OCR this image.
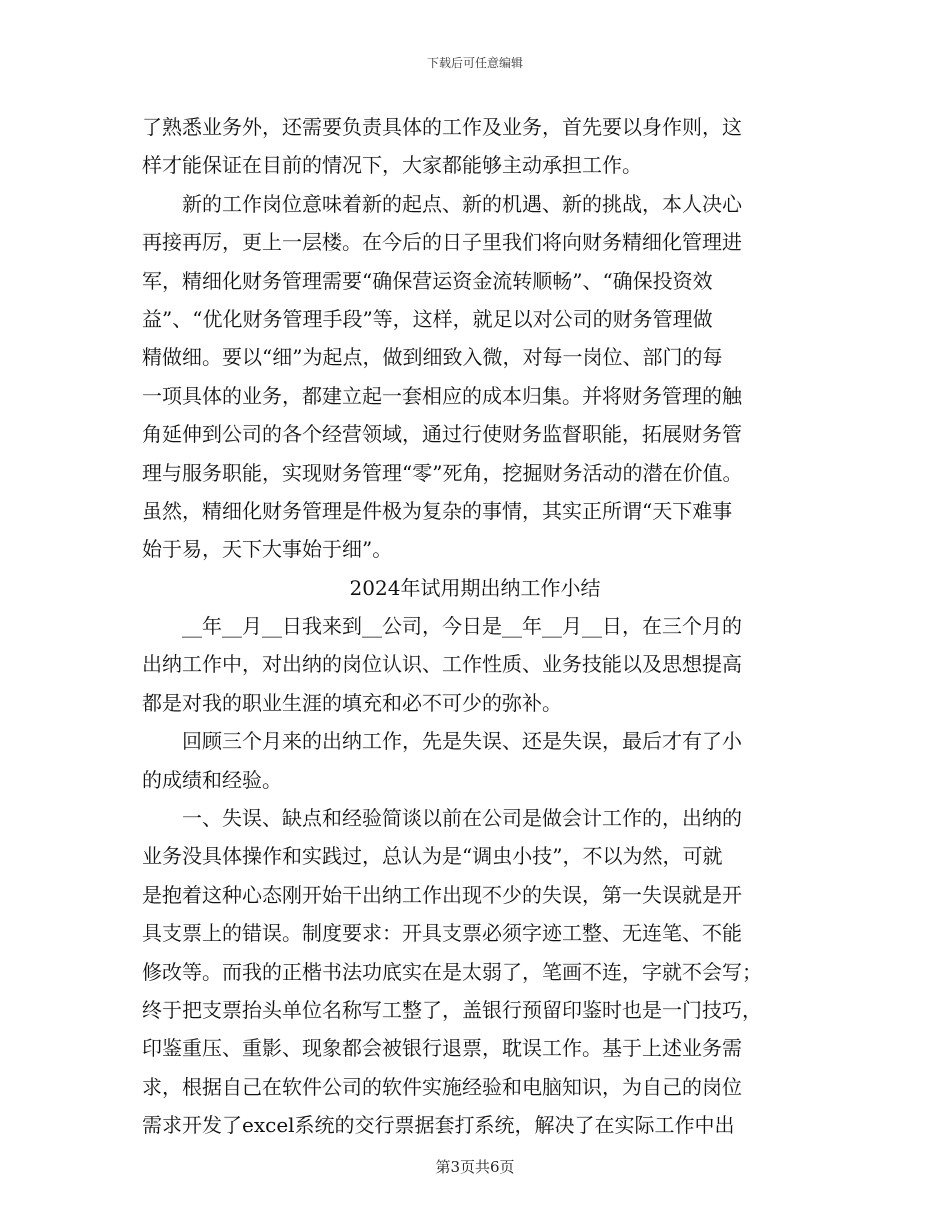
下载后可任意编辑
了熟悉业务外，还需要负责具体的工作及业务，首先要以身作则，这
样才能保证在目前的情况下，大家都能够主动承担工作。
　　新的工作岗位意味着新的起点、新的机遇、新的挑战，本人决心
再接再厉，更上一层楼。在今后的日子里我们将向财务精细化管理进
军，精细化财务管理需要“确保营运资金流转顺畅”、“确保投资效
益”、“优化财务管理手段”等，这样，就足以对公司的财务管理做
精做细。要以“细”为起点，做到细致入微，对每一岗位、部门的每
一项具体的业务，都建立起一套相应的成本归集。并将财务管理的触
角延伸到公司的各个经营领域，通过行使财务监督职能，拓展财务管
理与服务职能，实现财务管理“零”死角，挖掘财务活动的潜在价值。
虽然，精细化财务管理是件极为复杂的事情，其实正所谓“天下难事
始于易，天下大事始于细”。
2024年试用期出纳工作小结
　　__年__月__日我来到__公司，今日是__年__月__日，在三个月的
出纳工作中，对出纳的岗位认识、工作性质、业务技能以及思想提高
都是对我的职业生涯的填充和必不可少的弥补。
　　回顾三个月来的出纳工作，先是失误、还是失误，最后才有了小
的成绩和经验。
　　一、失误、缺点和经验简谈以前在公司是做会计工作的，出纳的
业务没具体操作和实践过，总认为是“调虫小技”，不以为然，可就
是抱着这种心态刚开始干出纳工作出现不少的失误，第一失误就是开
具支票上的错误。制度要求：开具支票必须字迹工整、无连笔、不能
修改等。而我的正楷书法功底实在是太弱了，笔画不连，字就不会写；
终于把支票抬头单位名称写工整了，盖银行预留印鉴时也是一门技巧，
印鉴重压、重影、现象都会被银行退票，耽误工作。基于上述业务需
求，根据自己在软件公司的软件实施经验和电脑知识，为自己的岗位
需求开发了excel系统的交行票据套打系统，解决了在实际工作中出
第3页共6页
